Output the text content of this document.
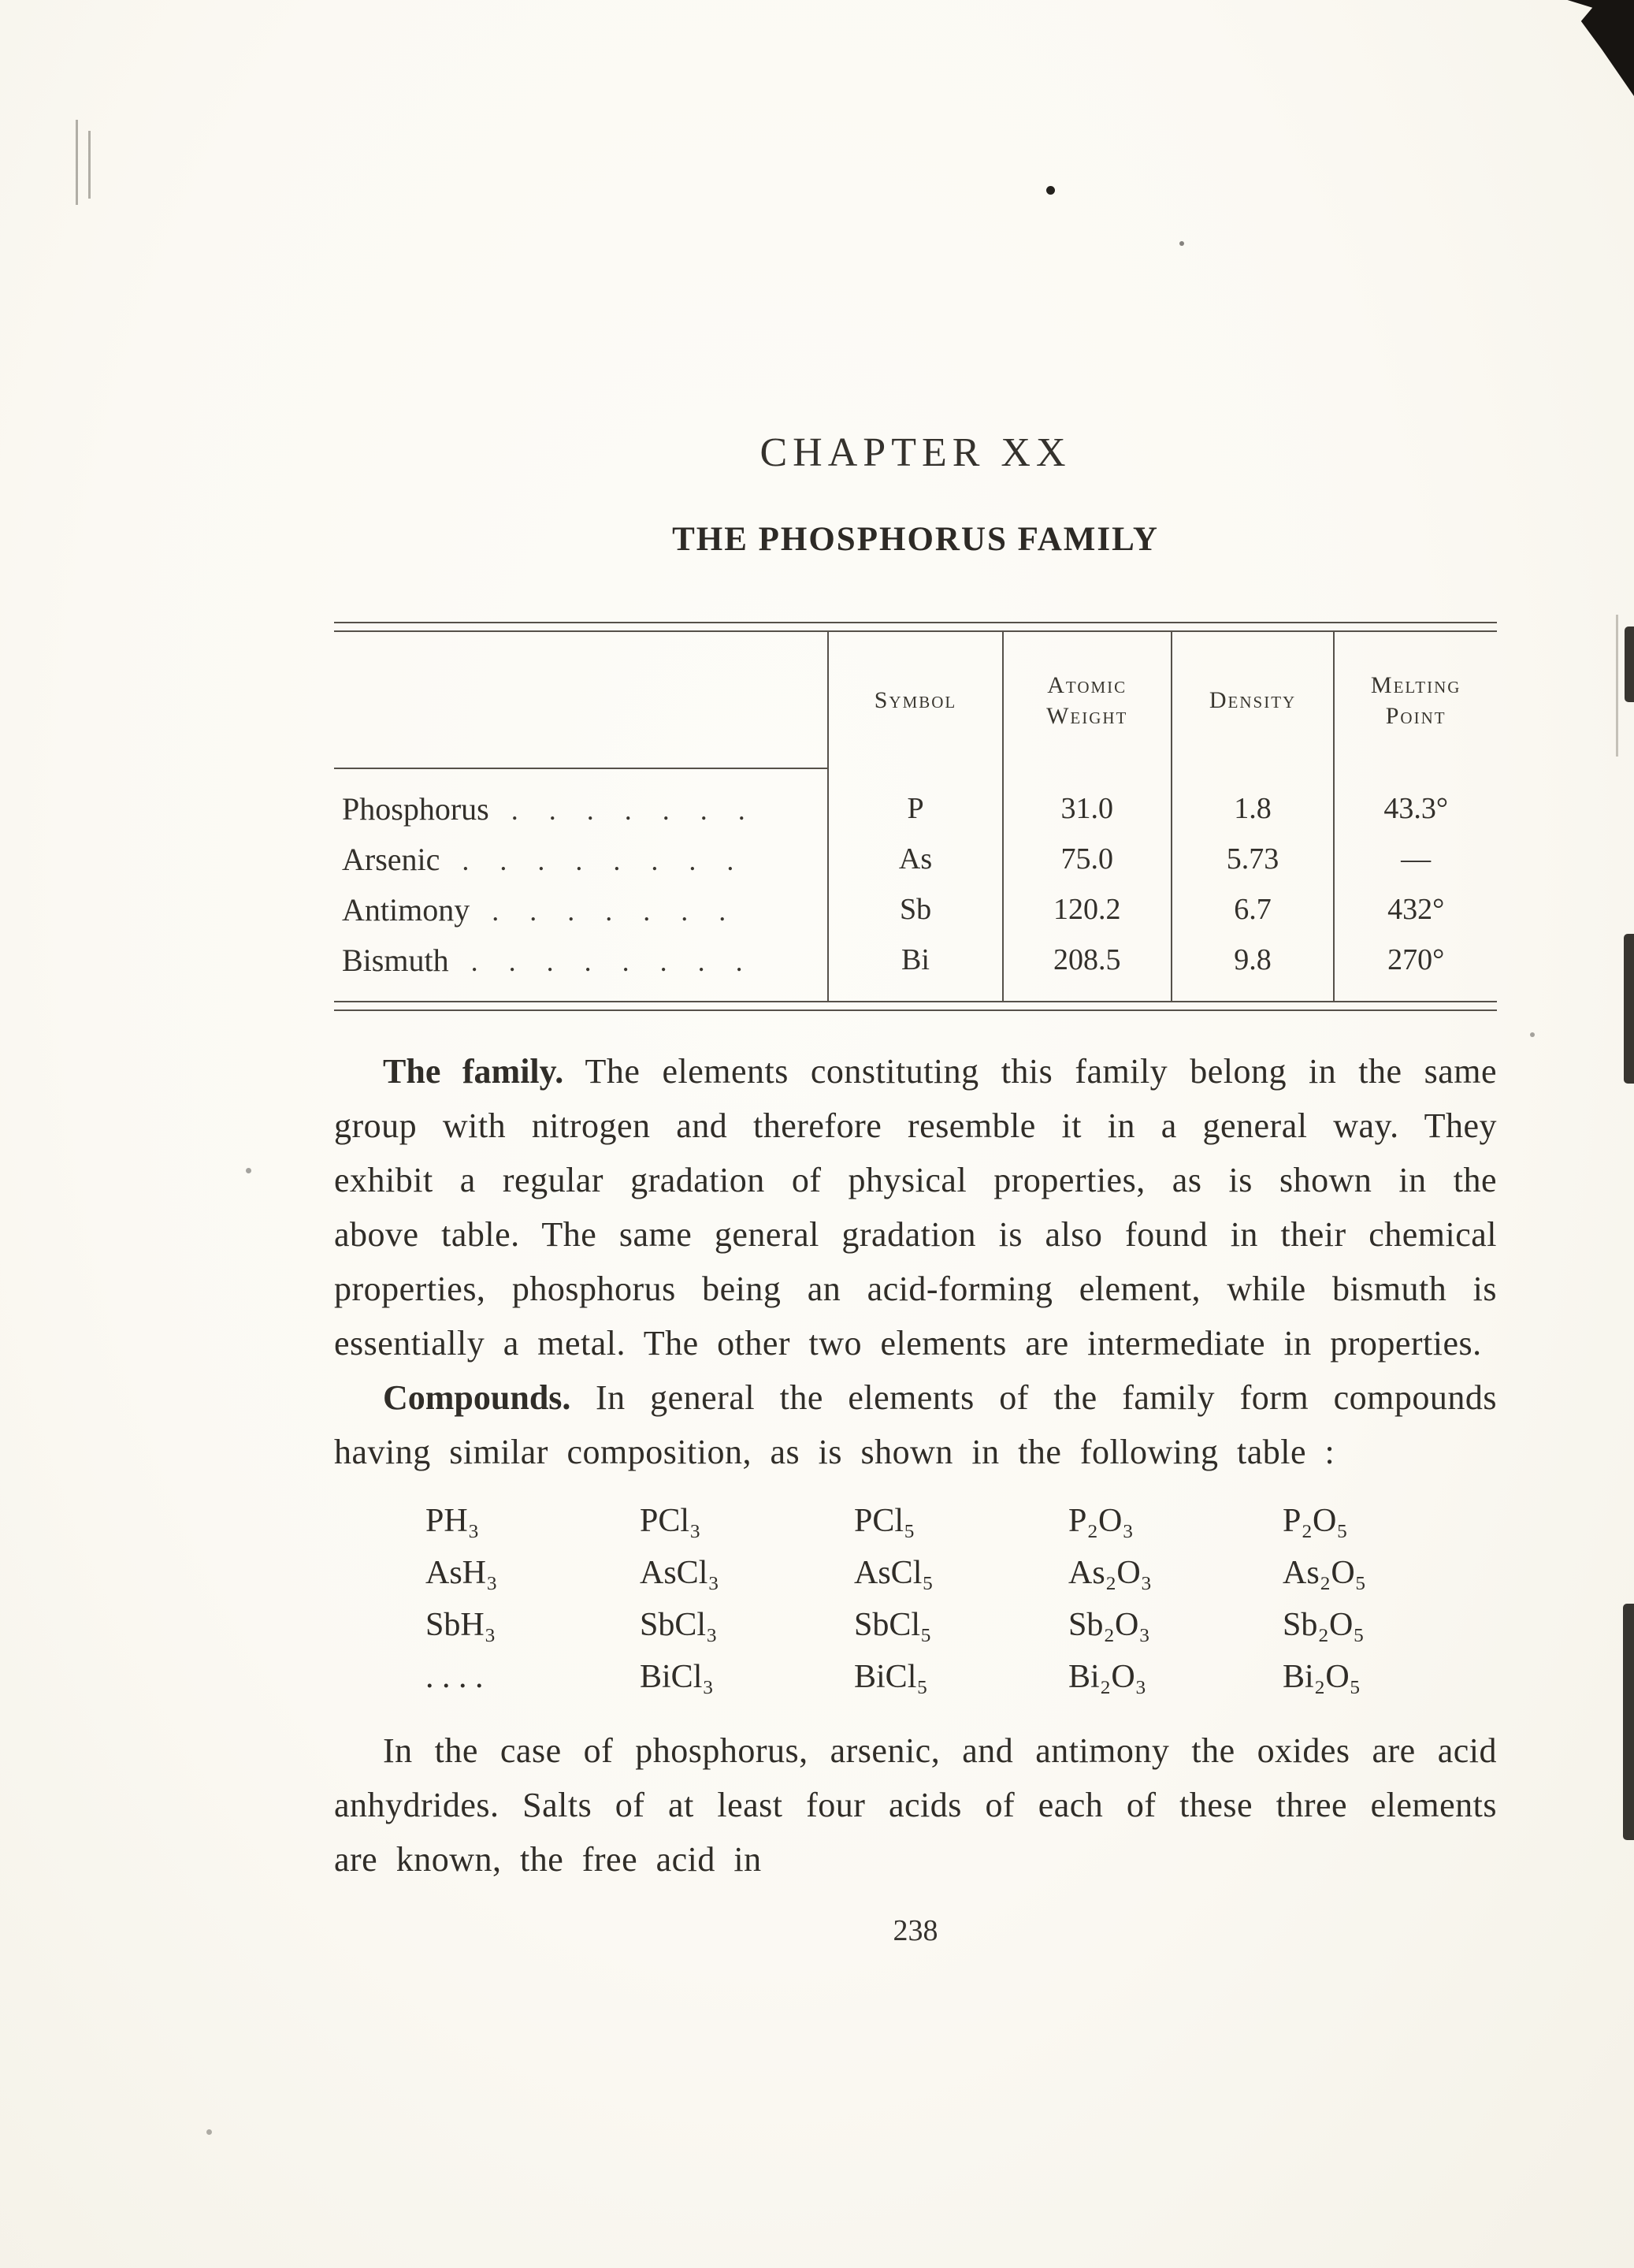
CHAPTER XX
THE PHOSPHORUS FAMILY
	Symbol	Atomic Weight	Density	Melting Point
Phosphorus . . . . . . .	P	31.0	1.8	43.3°
Arsenic . . . . . . . .	As	75.0	5.73	—
Antimony . . . . . . .	Sb	120.2	6.7	432°
Bismuth . . . . . . . .	Bi	208.5	9.8	270°

The family. The elements constituting this family belong in the same group with nitrogen and therefore resemble it in a general way. They exhibit a regular gradation of physical properties, as is shown in the above table. The same general gradation is also found in their chemical properties, phosphorus being an acid-forming element, while bismuth is essentially a metal. The other two elements are intermediate in properties.

Compounds. In general the elements of the family form compounds having similar composition, as is shown in the following table :

PH₃	PCl₃	PCl₅	P₂O₃	P₂O₅
AsH₃	AsCl₃	AsCl₅	As₂O₃	As₂O₅
SbH₃	SbCl₃	SbCl₅	Sb₂O₃	Sb₂O₅
. . . .	BiCl₃	BiCl₅	Bi₂O₃	Bi₂O₅

In the case of phosphorus, arsenic, and antimony the oxides are acid anhydrides. Salts of at least four acids of each of these three elements are known, the free acid in

238
